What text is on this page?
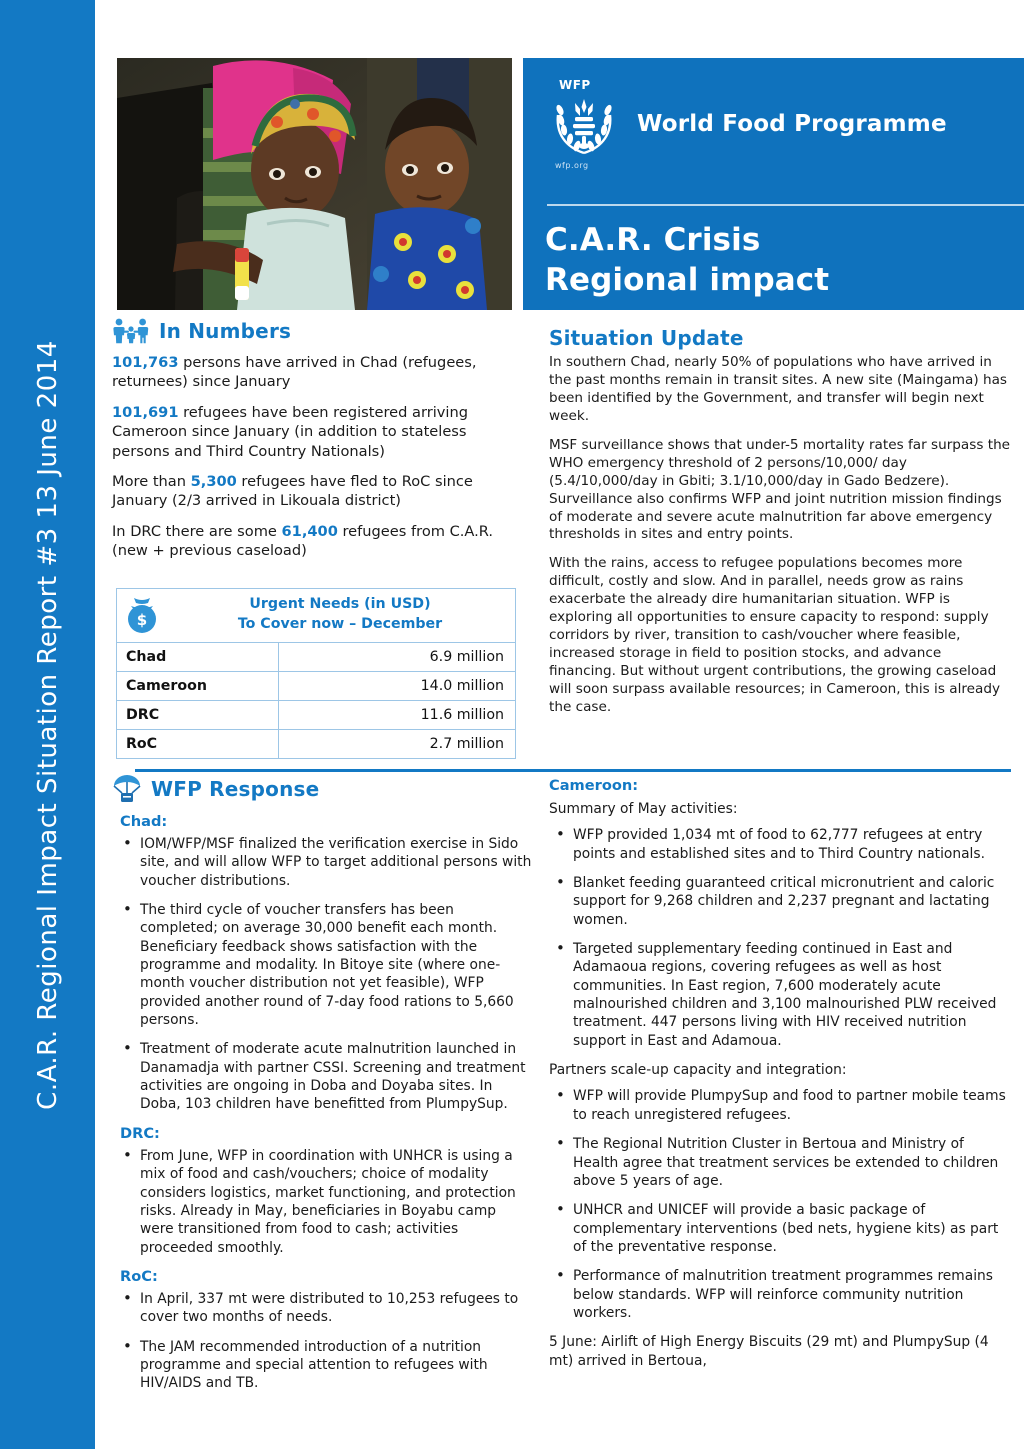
C.A.R. Regional Impact Situation Report #3 13 June 2014
WFP
wfp.org
World Food Programme
C.A.R. Crisis
Regional impact
In Numbers

101,763 persons have arrived in Chad (refugees, returnees) since January

101,691 refugees have been registered arriving Cameroon since January (in addition to stateless persons and Third Country Nationals)

More than 5,300 refugees have fled to RoC since January (2/3 arrived in Likouala district)

In DRC there are some 61,400 refugees from C.A.R. (new + previous caseload)

$
Urgent Needs (in USD)
To Cover now – December	

Chad	6.9 million
Cameroon	14.0 million
DRC	11.6 million
RoC	2.7 million
Situation Update

In southern Chad, nearly 50% of populations who have arrived in the past months remain in transit sites. A new site (Maingama) has been identified by the Government, and transfer will begin next week.

MSF surveillance shows that under-5 mortality rates far surpass the WHO emergency threshold of 2 persons/10,000/ day (5.4/10,000/day in Gbiti; 3.1/10,000/day in Gado Bedzere). Surveillance also confirms WFP and joint nutrition mission findings of moderate and severe acute malnutrition far above emergency thresholds in sites and entry points.

With the rains, access to refugee populations becomes more difficult, costly and slow. And in parallel, needs grow as rains exacerbate the already dire humanitarian situation. WFP is exploring all opportunities to ensure capacity to respond: supply corridors by river, transition to cash/voucher where feasible, increased storage in field to position stocks, and advance financing. But without urgent contributions, the growing caseload will soon surpass available resources; in Cameroon, this is already the case.

WFP Response
Chad:
• IOM/WFP/MSF finalized the verification exercise in Sido site, and will allow WFP to target additional persons with voucher distributions.
• The third cycle of voucher transfers has been completed; on average 30,000 benefit each month. Beneficiary feedback shows satisfaction with the programme and modality. In Bitoye site (where one-month voucher distribution not yet feasible), WFP provided another round of 7-day food rations to 5,660 persons.
• Treatment of moderate acute malnutrition launched in Danamadja with partner CSSI. Screening and treatment activities are ongoing in Doba and Doyaba sites. In Doba, 103 children have benefitted from PlumpySup.
DRC:
• From June, WFP in coordination with UNHCR is using a mix of food and cash/vouchers; choice of modality considers logistics, market functioning, and protection risks. Already in May, beneficiaries in Boyabu camp were transitioned from food to cash; activities proceeded smoothly.
RoC:
• In April, 337 mt were distributed to 10,253 refugees to cover two months of needs.
• The JAM recommended introduction of a nutrition programme and special attention to refugees with HIV/AIDS and TB.
Cameroon:

Summary of May activities:

• WFP provided 1,034 mt of food to 62,777 refugees at entry points and established sites and to Third Country nationals.
• Blanket feeding guaranteed critical micronutrient and caloric support for 9,268 children and 2,237 pregnant and lactating women.
• Targeted supplementary feeding continued in East and Adamaoua regions, covering refugees as well as host communities. In East region, 7,600 moderately acute malnourished children and 3,100 malnourished PLW received treatment. 447 persons living with HIV received nutrition support in East and Adamoua.

Partners scale-up capacity and integration:

• WFP will provide PlumpySup and food to partner mobile teams to reach unregistered refugees.
• The Regional Nutrition Cluster in Bertoua and Ministry of Health agree that treatment services be extended to children above 5 years of age.
• UNHCR and UNICEF will provide a basic package of complementary interventions (bed nets, hygiene kits) as part of the preventative response.
• Performance of malnutrition treatment programmes remains below standards. WFP will reinforce community nutrition workers.

5 June: Airlift of High Energy Biscuits (29 mt) and PlumpySup (4 mt) arrived in Bertoua,
